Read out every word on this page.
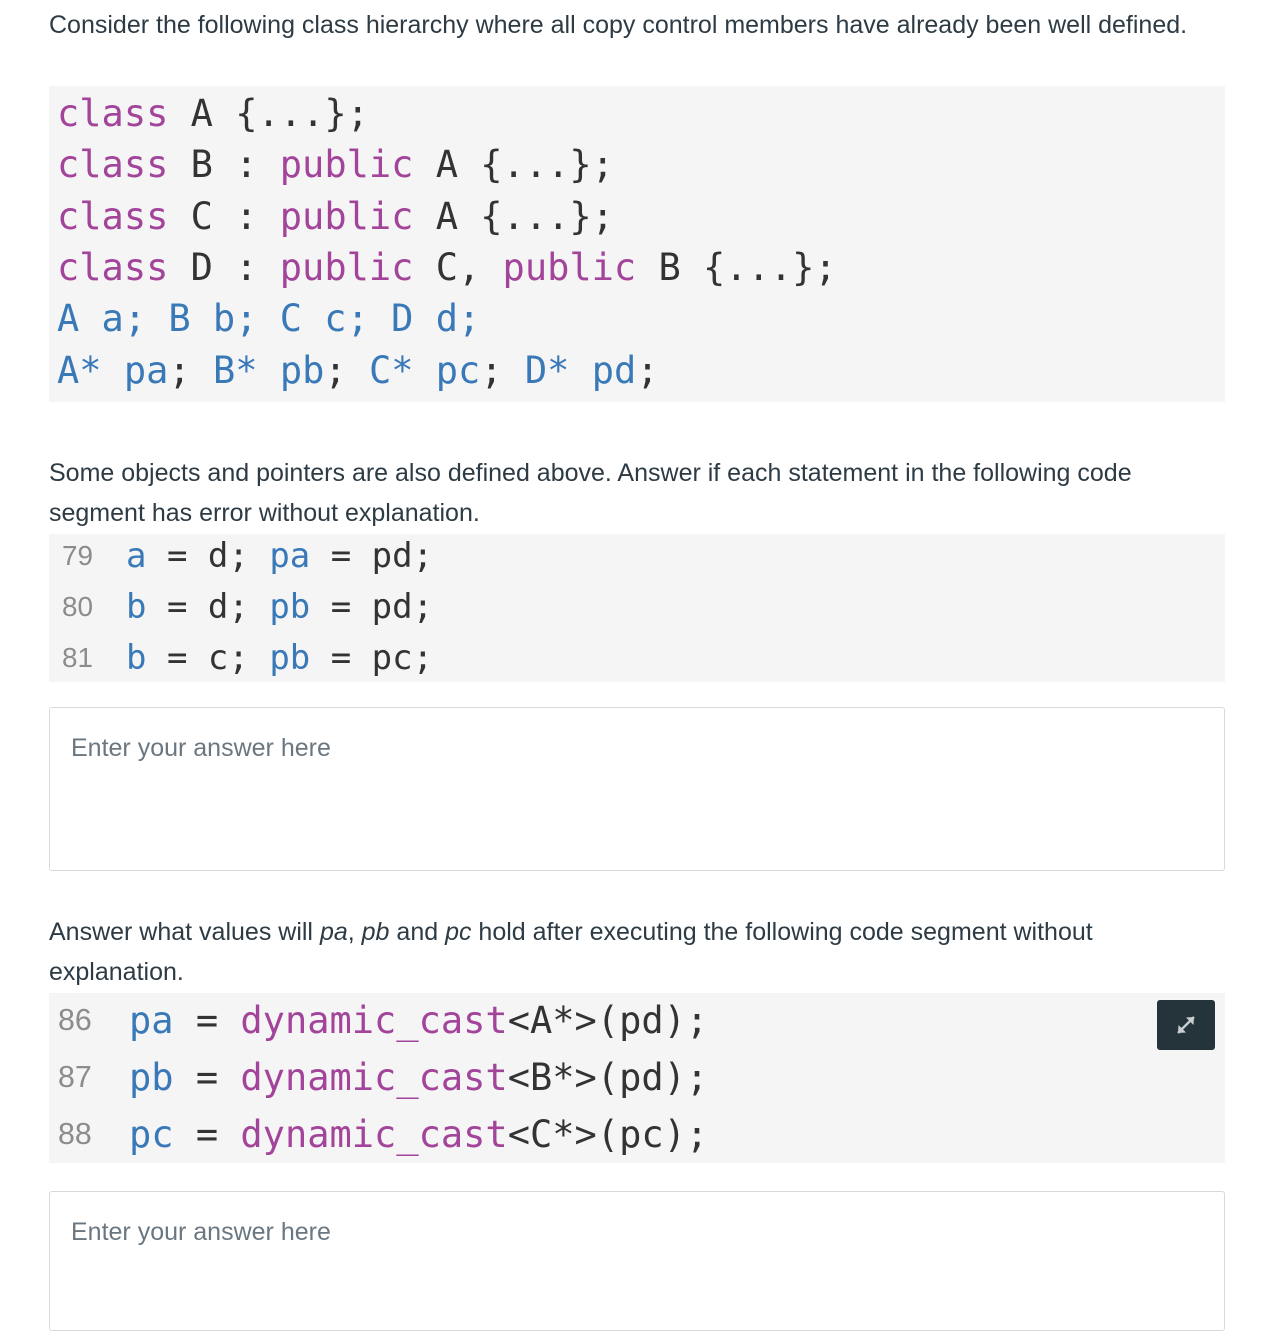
Consider the following class hierarchy where all copy control members have already been well defined.

class A {...};
class B : public A {...};
class C : public A {...};
class D : public C, public B {...};
A a; B b; C c; D d;
A* pa; B* pb; C* pc; D* pd;

Some objects and pointers are also defined above. Answer if each statement in the following code segment has error without explanation.

79 a = d; pa = pd;
80 b = d; pb = pd;
81 b = c; pb = pc;
Enter your answer here

Answer what values will pa, pb and pc hold after executing the following code segment without explanation.

86 pa = dynamic_cast<A*>(pd);
87 pb = dynamic_cast<B*>(pd);
88 pc = dynamic_cast<C*>(pc);
Enter your answer here
